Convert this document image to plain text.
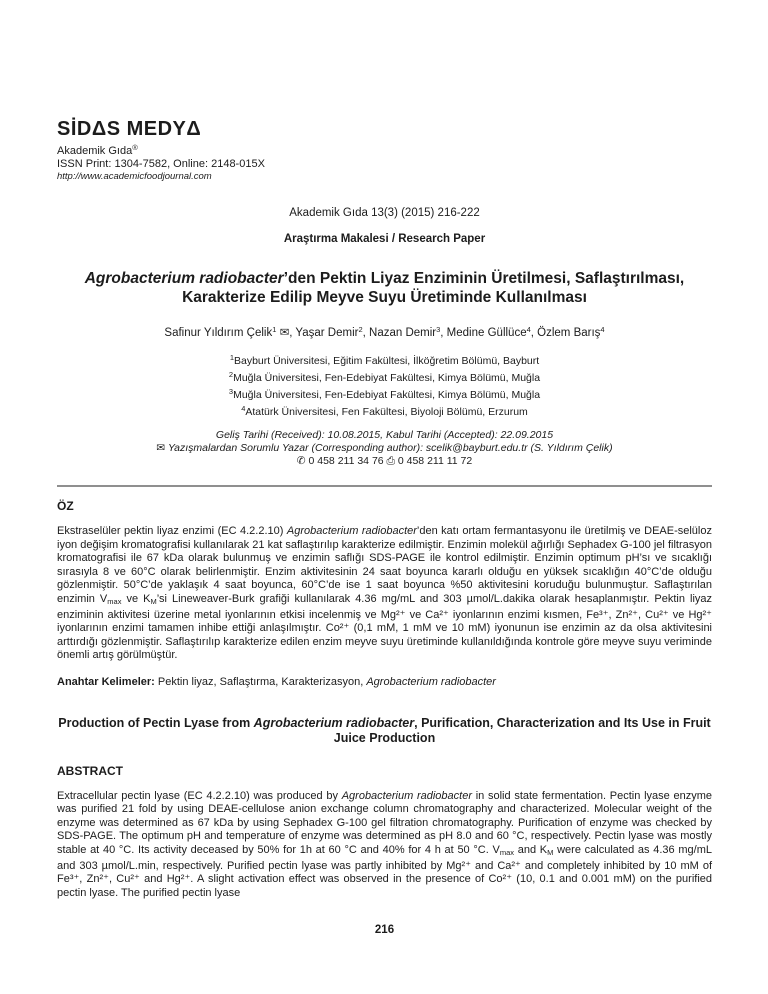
SİDΔS MEDYΔ
Akademik Gıda®
ISSN Print: 1304-7582, Online: 2148-015X
http://www.academicfoodjournal.com
Akademik Gıda 13(3) (2015) 216-222
Araştırma Makalesi / Research Paper
Agrobacterium radiobacter’den Pektin Liyaz Enziminin Üretilmesi, Saflaştırılması, Karakterize Edilip Meyve Suyu Üretiminde Kullanılması
Safinur Yıldırım Çelik$^1$ ✉, Yaşar Demir$^2$, Nazan Demir$^3$, Medine Güllüce$^4$, Özlem Barış$^4$
$^1$Bayburt Üniversitesi, Eğitim Fakültesi, İlköğretim Bölümü, Bayburt
$^2$Muğla Üniversitesi, Fen-Edebiyat Fakültesi, Kimya Bölümü, Muğla
$^3$Muğla Üniversitesi, Fen-Edebiyat Fakültesi, Kimya Bölümü, Muğla
$^4$Atatürk Üniversitesi, Fen Fakültesi, Biyoloji Bölümü, Erzurum
Geliş Tarihi (Received): 10.08.2015, Kabul Tarihi (Accepted): 22.09.2015
✉ Yazışmalardan Sorumlu Yazar (Corresponding author): scelik@bayburt.edu.tr (S. Yıldırım Çelik)
✆ 0 458 211 34 76 ⎙ 0 458 211 11 72
ÖZ
Ekstraselüler pektin liyaz enzimi (EC 4.2.2.10) Agrobacterium radiobacter’den katı ortam fermantasyonu ile üretilmiş ve DEAE-selüloz iyon değişim kromatografisi kullanılarak 21 kat saflaştırılıp karakterize edilmiştir. Enzimin molekül ağırlığı Sephadex G-100 jel filtrasyon kromatografisi ile 67 kDa olarak bulunmuş ve enzimin saflığı SDS-PAGE ile kontrol edilmiştir. Enzimin optimum pH’sı ve sıcaklığı sırasıyla 8 ve 60°C olarak belirlenmiştir. Enzim aktivitesinin 24 saat boyunca kararlı olduğu en yüksek sıcaklığın 40°C’de olduğu gözlenmiştir. 50°C’de yaklaşık 4 saat boyunca, 60°C’de ise 1 saat boyunca %50 aktivitesini koruduğu bulunmuştur. Saflaştırılan enzimin Vmax ve KM’si Lineweaver-Burk grafiği kullanılarak 4.36 mg/mL and 303 µmol/L.dakika olarak hesaplanmıştır. Pektin liyaz enziminin aktivitesi üzerine metal iyonlarının etkisi incelenmiş ve Mg²⁺ ve Ca²⁺ iyonlarının enzimi kısmen, Fe³⁺, Zn²⁺, Cu²⁺ ve Hg²⁺ iyonlarının enzimi tamamen inhibe ettiği anlaşılmıştır. Co²⁺ (0,1 mM, 1 mM ve 10 mM) iyonunun ise enzimin az da olsa aktivitesini arttırdığı gözlenmiştir. Saflaştırılıp karakterize edilen enzim meyve suyu üretiminde kullanıldığında kontrole göre meyve suyu veriminde önemli artış görülmüştür.
Anahtar Kelimeler: Pektin liyaz, Saflaştırma, Karakterizasyon, Agrobacterium radiobacter
Production of Pectin Lyase from Agrobacterium radiobacter, Purification, Characterization and Its Use in Fruit Juice Production
ABSTRACT
Extracellular pectin lyase (EC 4.2.2.10) was produced by Agrobacterium radiobacter in solid state fermentation. Pectin lyase enzyme was purified 21 fold by using DEAE-cellulose anion exchange column chromatography and characterized. Molecular weight of the enzyme was determined as 67 kDa by using Sephadex G-100 gel filtration chromatography. Purification of enzyme was checked by SDS-PAGE. The optimum pH and temperature of enzyme was determined as pH 8.0 and 60 °C, respectively. Pectin lyase was mostly stable at 40 °C. Its activity deceased by 50% for 1h at 60 °C and 40% for 4 h at 50 °C. Vmax and KM were calculated as 4.36 mg/mL and 303 µmol/L.min, respectively. Purified pectin lyase was partly inhibited by Mg²⁺ and Ca²⁺ and completely inhibited by 10 mM of Fe³⁺, Zn²⁺, Cu²⁺ and Hg²⁺. A slight activation effect was observed in the presence of Co²⁺ (10, 0.1 and 0.001 mM) on the purified pectin lyase. The purified pectin lyase
216
